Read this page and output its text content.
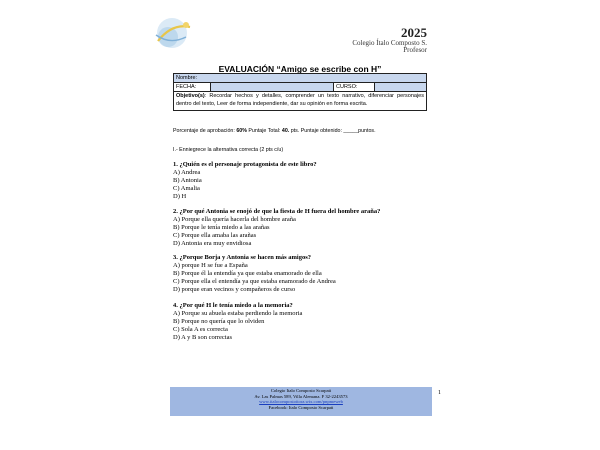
2025
Colegio Ítalo Composto S.
Profesor
EVALUACIÓN “Amigo se escribe con H”
Nombre:
FECHA:		CURSO:	
Objetivo(s): Recordar hechos y detalles, comprender un texto narrativo, diferenciar personajes dentro del texto, Leer de forma independiente, dar su opinión en forma escrita.
Porcentaje de aprobación: 60% Puntaje Total: 40. pts. Puntaje obtenido: _____puntos.
I.- Enniegrece la alternativa correcta (2 pts c/u)
1. ¿Quién es el personaje protagonista de este libro?
A) Andrea
B) Antonia
C) Amalia
D) H
2. ¿Por qué Antonia se enojó de que la fiesta de H fuera del hombre araña?
A) Porque ella quería hacerla del hombre araña
B) Porque le tenía miedo a las arañas
C) Porque ella amaba las arañas
D) Antonia era muy envidiosa
3. ¿Porque Borja y Antonia se hacen más amigos?
A) porque H se fue a España
B) Porque él la entendía ya que estaba enamorado de ella
C) Porque ella el entendía ya que estaba enamorado de Andrea
D) porque eran vecinos y compañeros de curso
4. ¿Por qué H le tenía miedo a la memoria?
A) Porque su abuela estaba perdiendo la memoria
B) Porque no quería que lo olviden
C) Sola A es correcta
D) A y B son correctas
Colegio Italo Composto Scarpati
Av. Las Palmas 589, Villa Alemana. F 32-2243573
www.italocompostoitora.wix.com/pnpmeweb
Facebook: Italo Composto Scarpati
1
